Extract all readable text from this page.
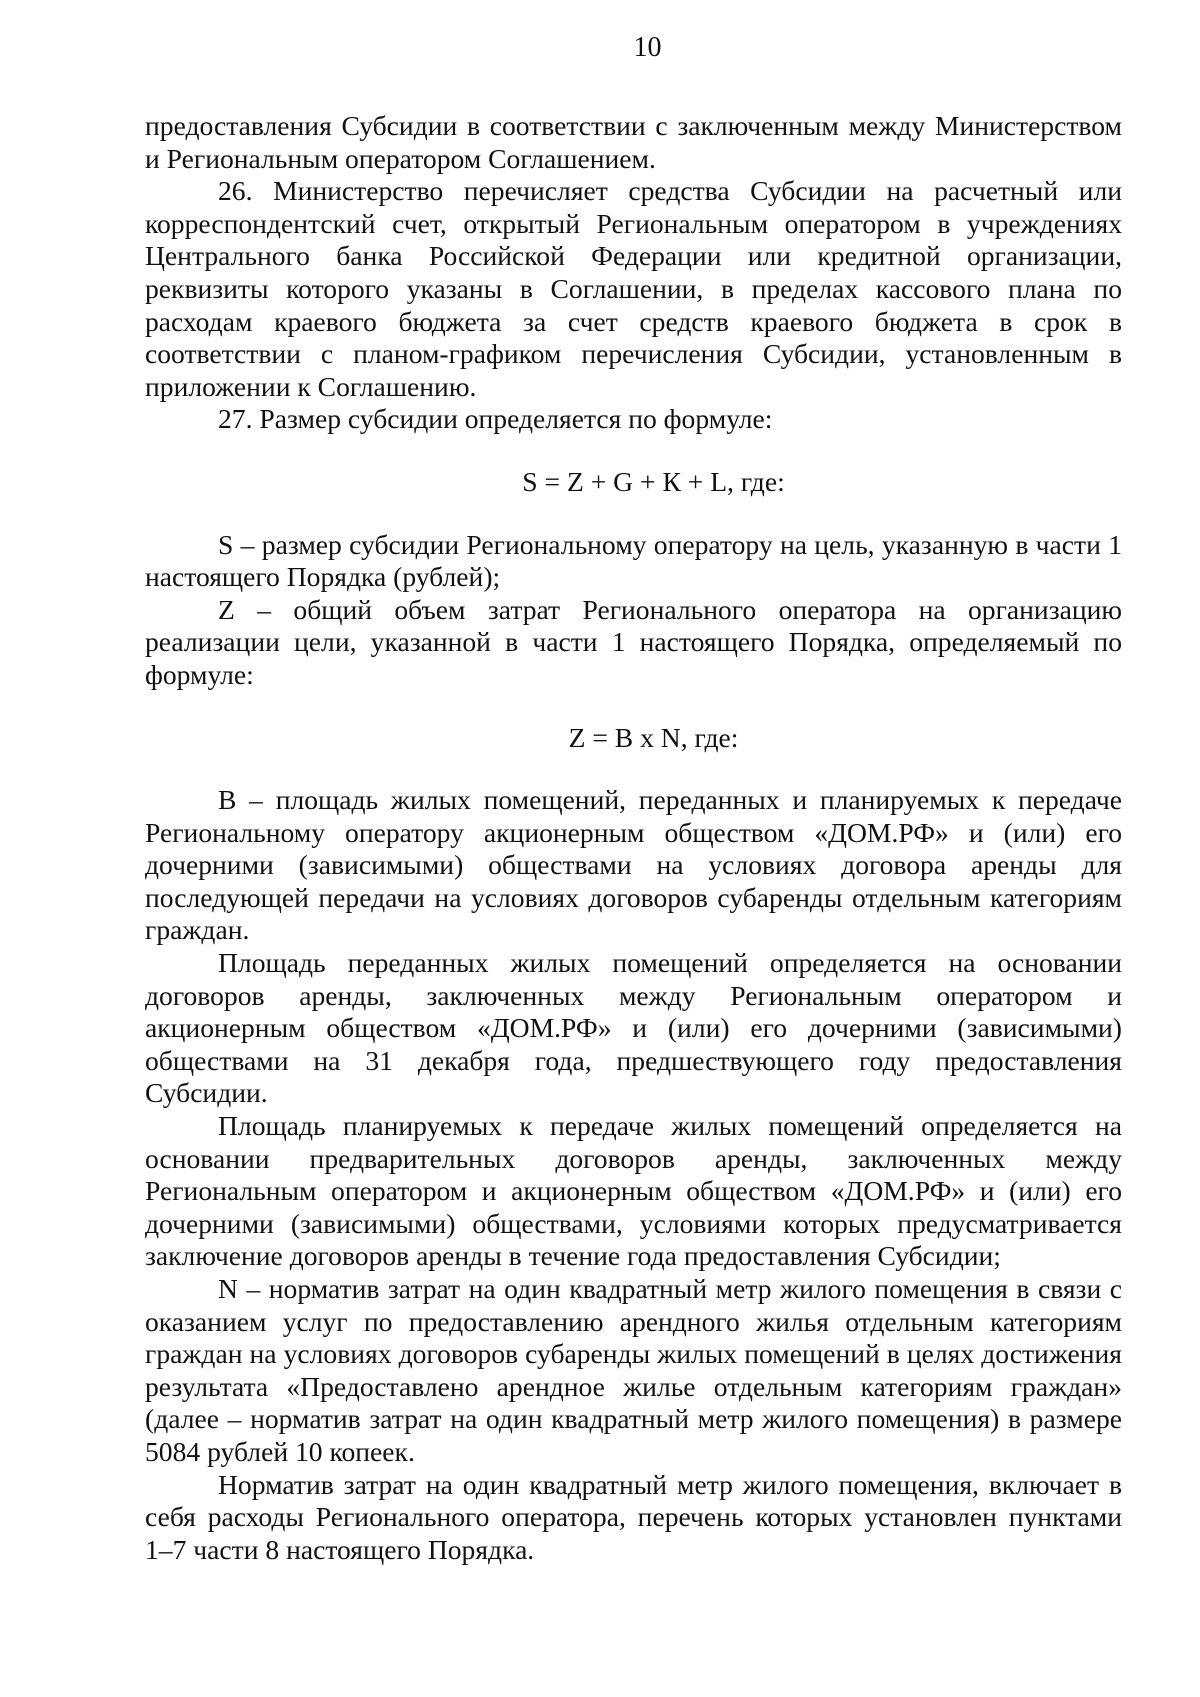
10

предоставления Субсидии в соответствии с заключенным между Министерством и Региональным оператором Соглашением.

26. Министерство перечисляет средства Субсидии на расчетный или корреспондентский счет, открытый Региональным оператором в учреждениях Центрального банка Российской Федерации или кредитной организации, реквизиты которого указаны в Соглашении, в пределах кассового плана по расходам краевого бюджета за счет средств краевого бюджета в срок в соответствии с планом-графиком перечисления Субсидии, установленным в приложении к Соглашению.

27. Размер субсидии определяется по формуле:

S = Z + G + К + L, где:

S – размер субсидии Региональному оператору на цель, указанную в части 1 настоящего Порядка (рублей);

Z – общий объем затрат Регионального оператора на организацию реализации цели, указанной в части 1 настоящего Порядка, определяемый по формуле:

Z = В x N, где:

В – площадь жилых помещений, переданных и планируемых к передаче Региональному оператору акционерным обществом «ДОМ.РФ» и (или) его дочерними (зависимыми) обществами на условиях договора аренды для последующей передачи на условиях договоров субаренды отдельным категориям граждан.

Площадь переданных жилых помещений определяется на основании договоров аренды, заключенных между Региональным оператором и акционерным обществом «ДОМ.РФ» и (или) его дочерними (зависимыми) обществами на 31 декабря года, предшествующего году предоставления Субсидии.

Площадь планируемых к передаче жилых помещений определяется на основании предварительных договоров аренды, заключенных между Региональным оператором и акционерным обществом «ДОМ.РФ» и (или) его дочерними (зависимыми) обществами, условиями которых предусматривается заключение договоров аренды в течение года предоставления Субсидии;

N – норматив затрат на один квадратный метр жилого помещения в связи с оказанием услуг по предоставлению арендного жилья отдельным категориям граждан на условиях договоров субаренды жилых помещений в целях достижения результата «Предоставлено арендное жилье отдельным категориям граждан» (далее – норматив затрат на один квадратный метр жилого помещения) в размере 5084 рублей 10 копеек.

Норматив затрат на один квадратный метр жилого помещения, включает в себя расходы Регионального оператора, перечень которых установлен пунктами 1–7 части 8 настоящего Порядка.
